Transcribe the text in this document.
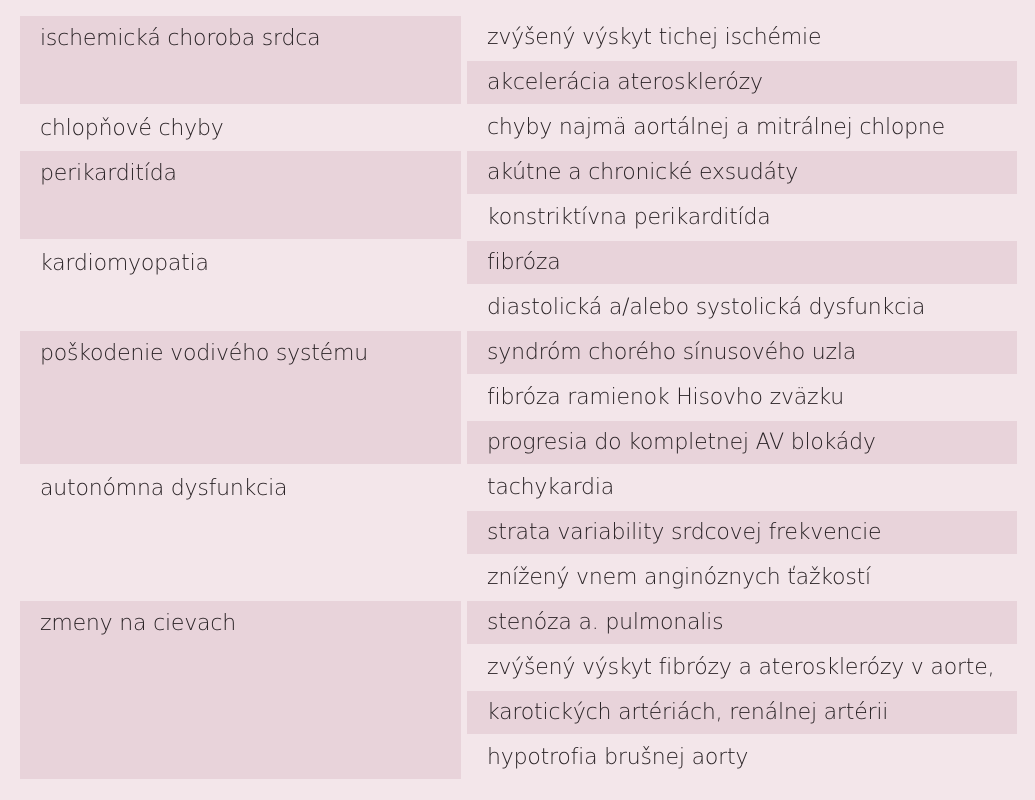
ischemická choroba srdca	zvýšený výskyt tichej ischémie
	akcelerácia aterosklerózy
chlopňové chyby	chyby najmä aortálnej a mitrálnej chlopne
perikarditída	akútne a chronické exsudáty
	konstriktívna perikarditída
kardiomyopatia	fibróza
	diastolická a/alebo systolická dysfunkcia
poškodenie vodivého systému	syndróm chorého sínusového uzla
	fibróza ramienok Hisovho zväzku
	progresia do kompletnej AV blokády
autonómna dysfunkcia	tachykardia
	strata variability srdcovej frekvencie
	znížený vnem anginóznych ťažkostí
zmeny na cievach	stenóza a. pulmonalis
	zvýšený výskyt fibrózy a aterosklerózy v aorte,
	karotických artériách, renálnej artérii
	hypotrofia brušnej aorty
